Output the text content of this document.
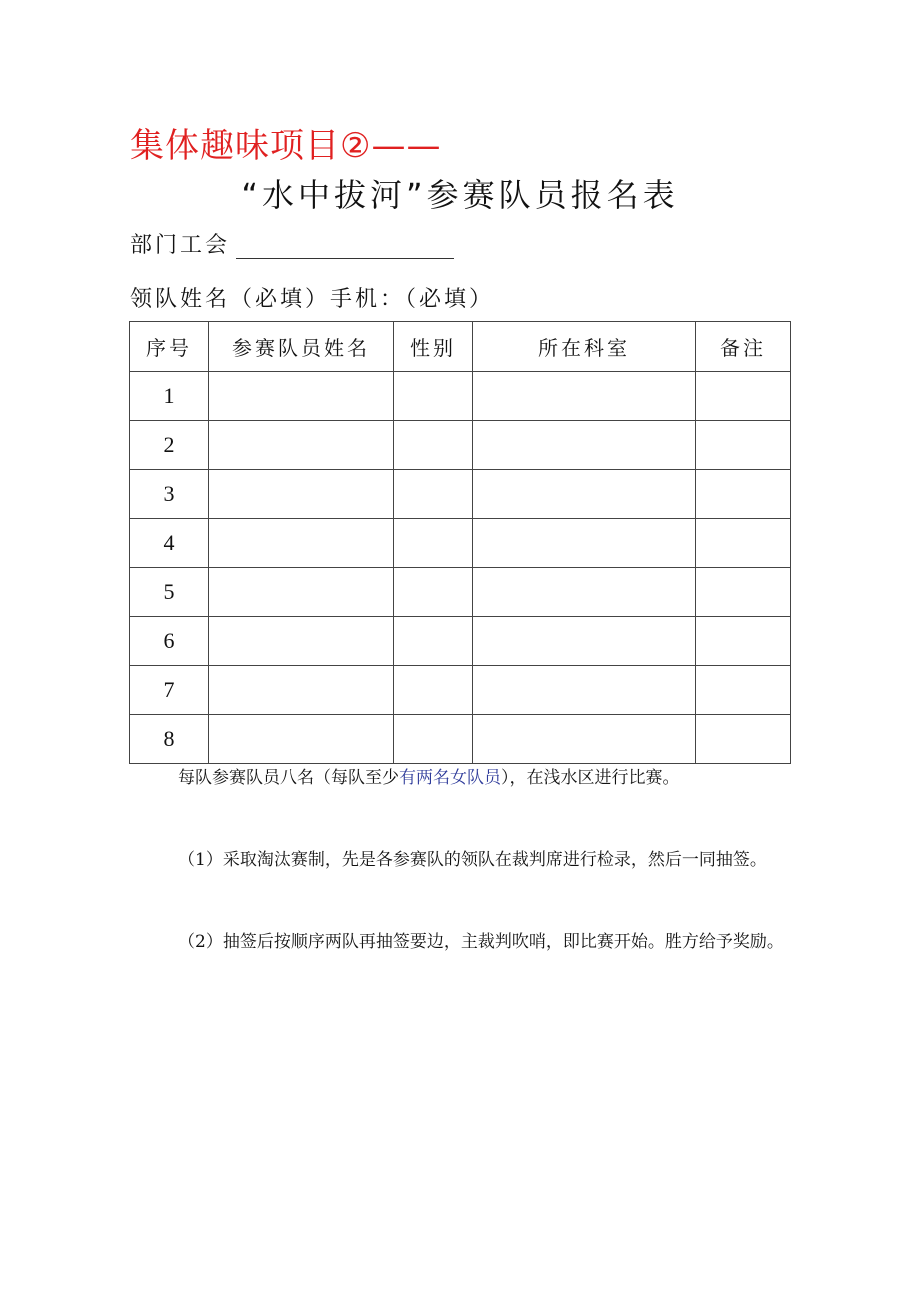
集体趣味项目②——
“水中拔河”参赛队员报名表
部门工会
领队姓名（必填）手机：（必填）
序号	参赛队员姓名	性别	所在科室	备注
1				
2				
3				
4				
5				
6				
7				
8				
每队参赛队员八名（每队至少有两名女队员），在浅水区进行比赛。
（1）采取淘汰赛制，先是各参赛队的领队在裁判席进行检录，然后一同抽签。
（2）抽签后按顺序两队再抽签要边，主裁判吹哨，即比赛开始。胜方给予奖励。
